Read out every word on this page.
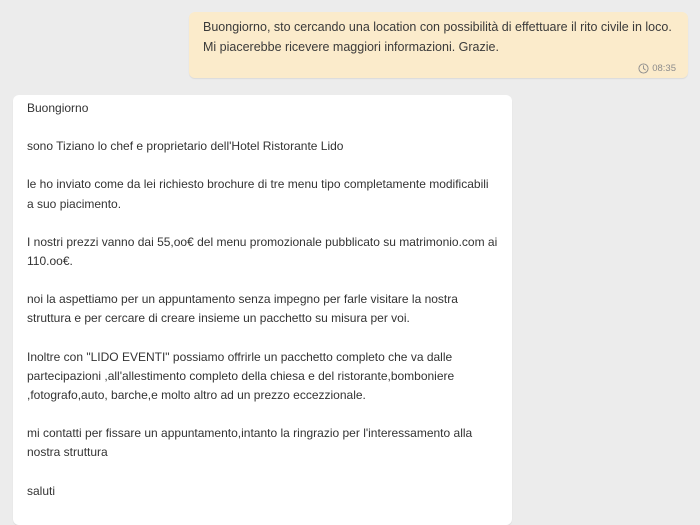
Buongiorno, sto cercando una location con possibilità di effettuare il rito civile in loco. Mi piacerebbe ricevere maggiori informazioni. Grazie.

08:35

Buongiorno

sono Tiziano lo chef e proprietario dell'Hotel Ristorante Lido

le ho inviato come da lei richiesto brochure di tre menu tipo completamente modificabili a suo piacimento.

I nostri prezzi vanno dai 55,oo€ del menu promozionale pubblicato su matrimonio.com ai 110.oo€.

noi la aspettiamo per un appuntamento senza impegno per farle visitare la nostra struttura e per cercare di creare insieme un pacchetto su misura per voi.

Inoltre con "LIDO EVENTI" possiamo offrirle un pacchetto completo che va dalle partecipazioni ,all'allestimento completo della chiesa e del ristorante,bomboniere ,fotografo,auto, barche,e molto altro ad un prezzo eccezzionale.

mi contatti per fissare un appuntamento,intanto la ringrazio per l'interessamento alla nostra struttura

saluti
